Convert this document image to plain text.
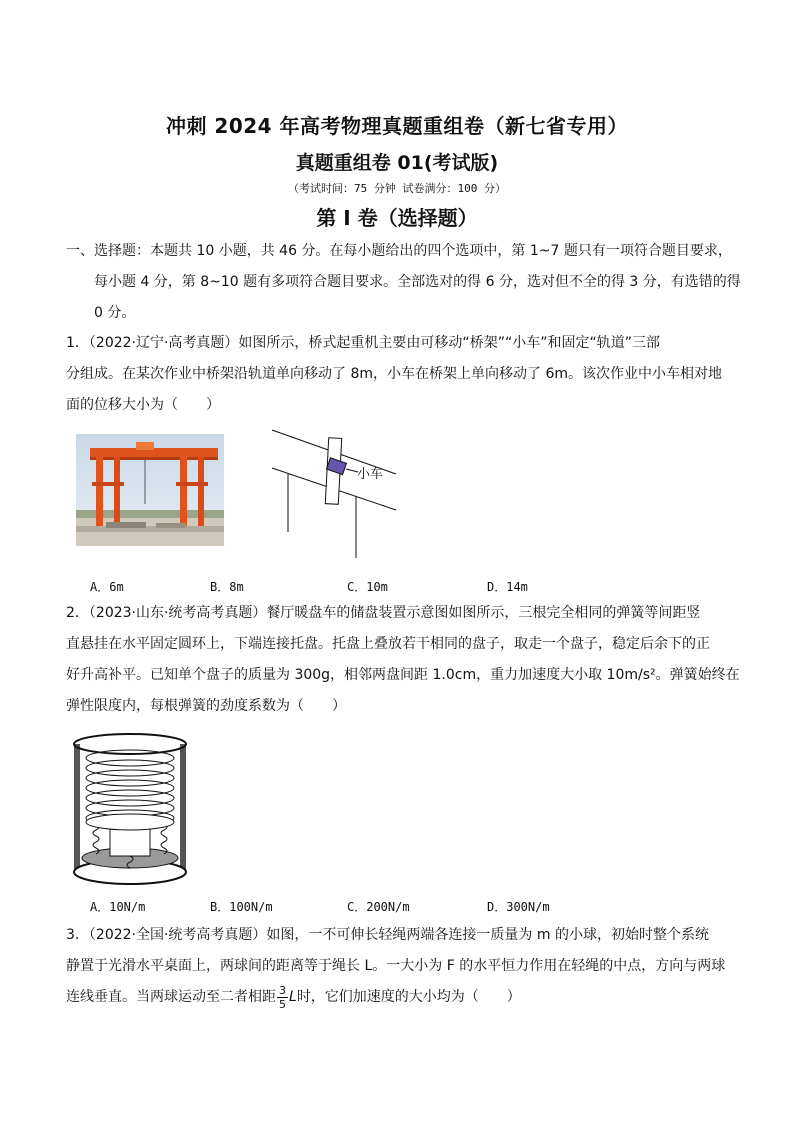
冲刺 2024 年高考物理真题重组卷（新七省专用）
真题重组卷 01(考试版)
（考试时间：75 分钟 试卷满分：100 分）
第 I 卷（选择题）
一、选择题：本题共 10 小题，共 46 分。在每小题给出的四个选项中，第 1~7 题只有一项符合题目要求，
每小题 4 分，第 8~10 题有多项符合题目要求。全部选对的得 6 分，选对但不全的得 3 分，有选错的得
0 分。
1．（2022·辽宁·高考真题）如图所示，桥式起重机主要由可移动“桥架”“小车”和固定“轨道”三部
分组成。在某次作业中桥架沿轨道单向移动了 8m，小车在桥架上单向移动了 6m。该次作业中小车相对地
面的位移大小为（　　）
小车
A．6m	B．8m	C．10m	D．14m
2．（2023·山东·统考高考真题）餐厅暖盘车的储盘装置示意图如图所示，三根完全相同的弹簧等间距竖
直悬挂在水平固定圆环上，下端连接托盘。托盘上叠放若干相同的盘子，取走一个盘子，稳定后余下的正
好升高补平。已知单个盘子的质量为 300g，相邻两盘间距 1.0cm，重力加速度大小取 10m/s²。弹簧始终在
弹性限度内，每根弹簧的劲度系数为（　　）
A．10N/m	B．100N/m	C．200N/m	D．300N/m
3．（2022·全国·统考高考真题）如图，一不可伸长轻绳两端各连接一质量为 m 的小球，初始时整个系统
静置于光滑水平桌面上，两球间的距离等于绳长 L。一大小为 F 的水平恒力作用在轻绳的中点，方向与两球
连线垂直。当两球运动至二者相距 $\frac{3}{5}$ L时，它们加速度的大小均为（　　）
